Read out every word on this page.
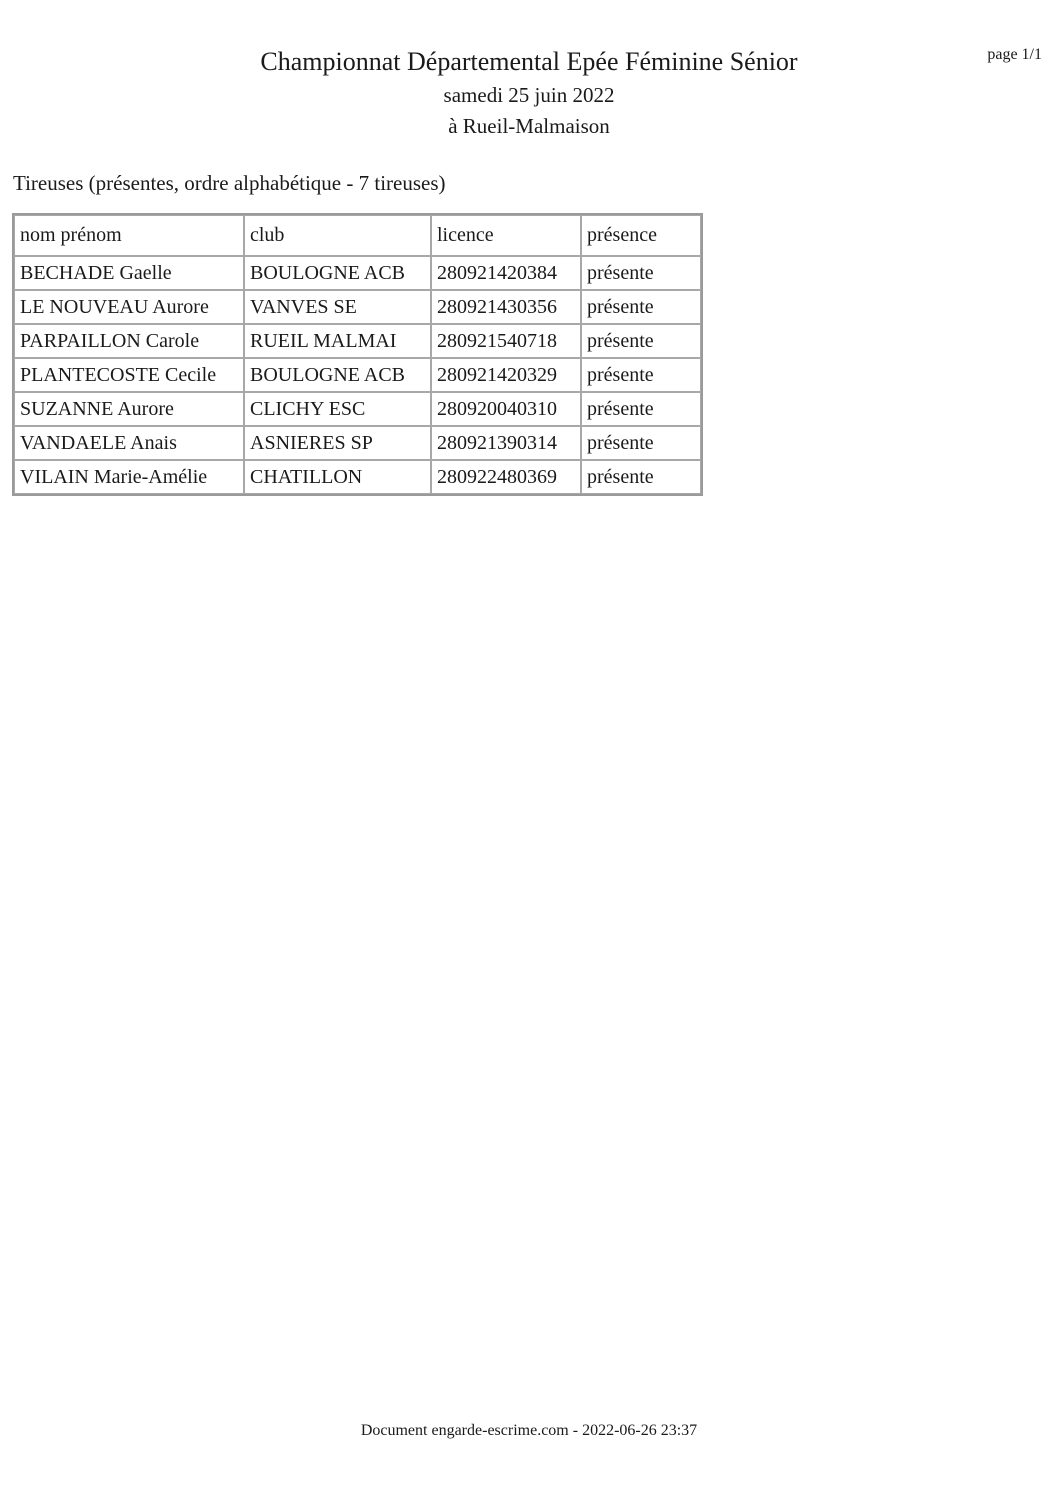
page 1/1
Championnat Départemental Epée Féminine Sénior
samedi 25 juin 2022
à Rueil-Malmaison
Tireuses (présentes, ordre alphabétique - 7 tireuses)
nom prénom	club	licence	présence
BECHADE Gaelle	BOULOGNE ACB	280921420384	présente
LE NOUVEAU Aurore	VANVES SE	280921430356	présente
PARPAILLON Carole	RUEIL MALMAI	280921540718	présente
PLANTECOSTE Cecile	BOULOGNE ACB	280921420329	présente
SUZANNE Aurore	CLICHY ESC	280920040310	présente
VANDAELE Anais	ASNIERES SP	280921390314	présente
VILAIN Marie-Amélie	CHATILLON	280922480369	présente
Document engarde-escrime.com - 2022-06-26 23:37
